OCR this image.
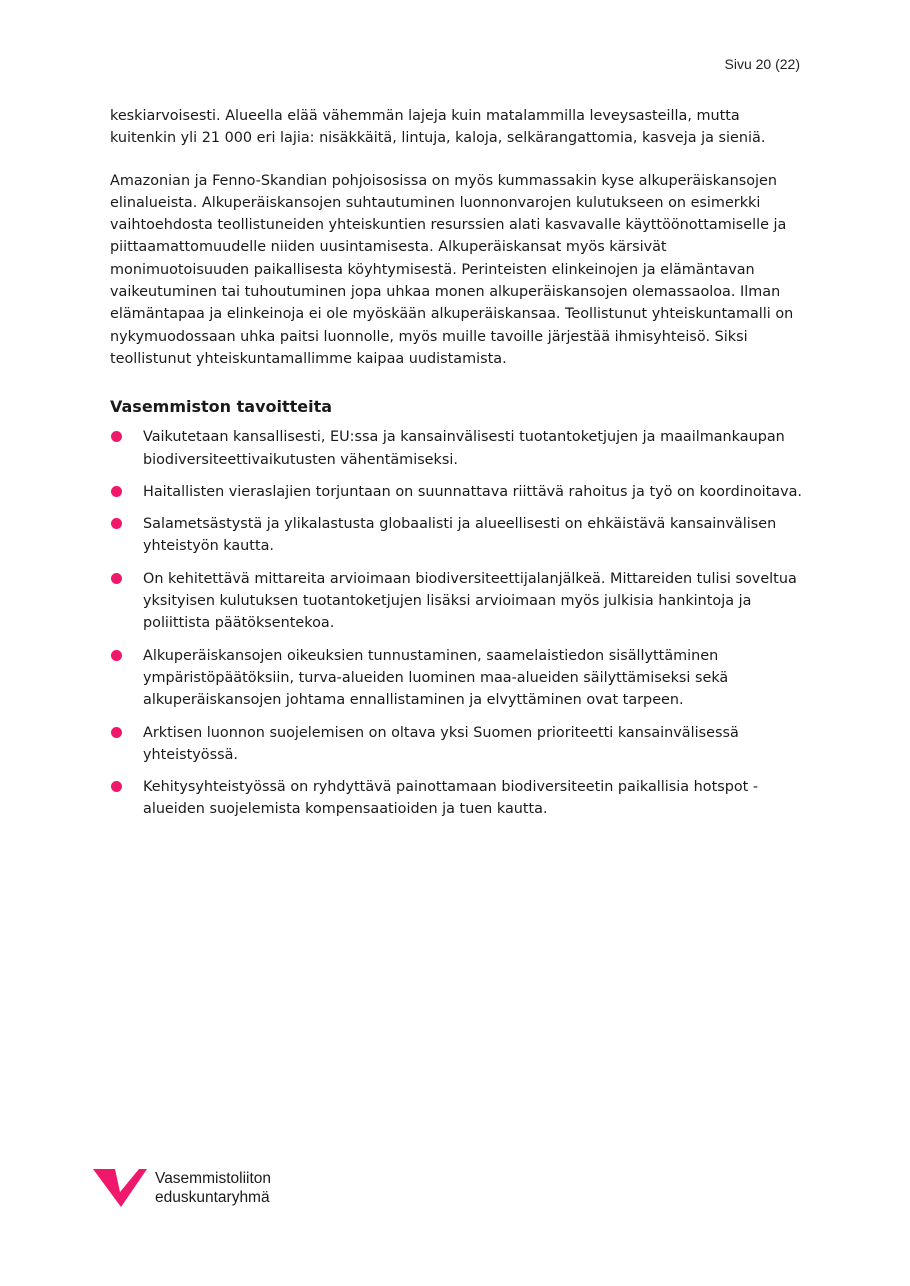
Sivu 20 (22)

keskiarvoisesti. Alueella elää vähemmän lajeja kuin matalammilla leveysasteilla, mutta kuitenkin yli 21 000 eri lajia: nisäkkäitä, lintuja, kaloja, selkärangattomia, kasveja ja sieniä.

Amazonian ja Fenno-Skandian pohjoisosissa on myös kummassakin kyse alkuperäiskansojen elinalueista. Alkuperäiskansojen suhtautuminen luonnonvarojen kulutukseen on esimerkki vaihtoehdosta teollistuneiden yhteiskuntien resurssien alati kasvavalle käyttöönottamiselle ja piittaamattomuudelle niiden uusintamisesta. Alkuperäiskansat myös kärsivät monimuotoisuuden paikallisesta köyhtymisestä. Perinteisten elinkeinojen ja elämäntavan vaikeutuminen tai tuhoutuminen jopa uhkaa monen alkuperäiskansojen olemassaoloa. Ilman elämäntapaa ja elinkeinoja ei ole myöskään alkuperäiskansaa. Teollistunut yhteiskuntamalli on nykymuodossaan uhka paitsi luonnolle, myös muille tavoille järjestää ihmisyhteisö. Siksi teollistunut yhteiskuntamallimme kaipaa uudistamista.

Vasemmiston tavoitteita
Vaikutetaan kansallisesti, EU:ssa ja kansainvälisesti tuotantoketjujen ja maailmankaupan biodiversiteettivaikutusten vähentämiseksi.
Haitallisten vieraslajien torjuntaan on suunnattava riittävä rahoitus ja työ on koordinoitava.
Salametsästystä ja ylikalastusta globaalisti ja alueellisesti on ehkäistävä kansainvälisen yhteistyön kautta.
On kehitettävä mittareita arvioimaan biodiversiteettijalanjälkeä. Mittareiden tulisi soveltua yksityisen kulutuksen tuotantoketjujen lisäksi arvioimaan myös julkisia hankintoja ja poliittista päätöksentekoa.
Alkuperäiskansojen oikeuksien tunnustaminen, saamelaistiedon sisällyttäminen ympäristöpäätöksiin, turva-alueiden luominen maa-alueiden säilyttämiseksi sekä alkuperäiskansojen johtama ennallistaminen ja elvyttäminen ovat tarpeen.
Arktisen luonnon suojelemisen on oltava yksi Suomen prioriteetti kansainvälisessä yhteistyössä.
Kehitysyhteistyössä on ryhdyttävä painottamaan biodiversiteetin paikallisia hotspot -alueiden suojelemista kompensaatioiden ja tuen kautta.
Vasemmistoliiton
eduskuntaryhmä
